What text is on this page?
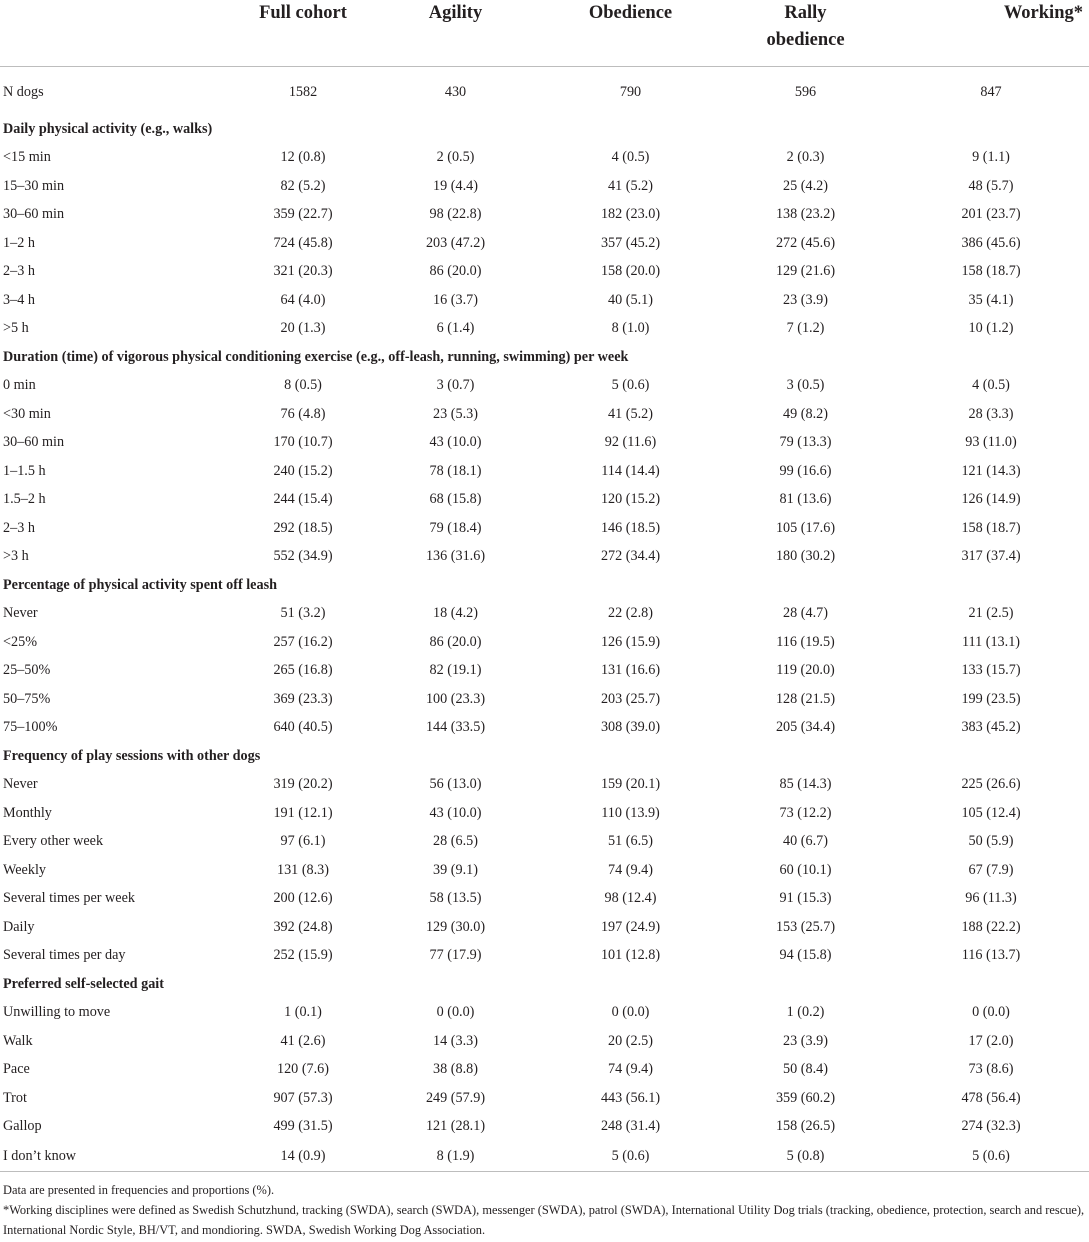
	Full cohort	Agility	Obedience	Rally obedience	Working*
N dogs	1582	430	790	596	847
Daily physical activity (e.g., walks)					
<15 min	12 (0.8)	2 (0.5)	4 (0.5)	2 (0.3)	9 (1.1)
15–30 min	82 (5.2)	19 (4.4)	41 (5.2)	25 (4.2)	48 (5.7)
30–60 min	359 (22.7)	98 (22.8)	182 (23.0)	138 (23.2)	201 (23.7)
1–2 h	724 (45.8)	203 (47.2)	357 (45.2)	272 (45.6)	386 (45.6)
2–3 h	321 (20.3)	86 (20.0)	158 (20.0)	129 (21.6)	158 (18.7)
3–4 h	64 (4.0)	16 (3.7)	40 (5.1)	23 (3.9)	35 (4.1)
>5 h	20 (1.3)	6 (1.4)	8 (1.0)	7 (1.2)	10 (1.2)
Duration (time) of vigorous physical conditioning exercise (e.g., off-leash, running, swimming) per week					
0 min	8 (0.5)	3 (0.7)	5 (0.6)	3 (0.5)	4 (0.5)
<30 min	76 (4.8)	23 (5.3)	41 (5.2)	49 (8.2)	28 (3.3)
30–60 min	170 (10.7)	43 (10.0)	92 (11.6)	79 (13.3)	93 (11.0)
1–1.5 h	240 (15.2)	78 (18.1)	114 (14.4)	99 (16.6)	121 (14.3)
1.5–2 h	244 (15.4)	68 (15.8)	120 (15.2)	81 (13.6)	126 (14.9)
2–3 h	292 (18.5)	79 (18.4)	146 (18.5)	105 (17.6)	158 (18.7)
>3 h	552 (34.9)	136 (31.6)	272 (34.4)	180 (30.2)	317 (37.4)
Percentage of physical activity spent off leash					
Never	51 (3.2)	18 (4.2)	22 (2.8)	28 (4.7)	21 (2.5)
<25%	257 (16.2)	86 (20.0)	126 (15.9)	116 (19.5)	111 (13.1)
25–50%	265 (16.8)	82 (19.1)	131 (16.6)	119 (20.0)	133 (15.7)
50–75%	369 (23.3)	100 (23.3)	203 (25.7)	128 (21.5)	199 (23.5)
75–100%	640 (40.5)	144 (33.5)	308 (39.0)	205 (34.4)	383 (45.2)
Frequency of play sessions with other dogs					
Never	319 (20.2)	56 (13.0)	159 (20.1)	85 (14.3)	225 (26.6)
Monthly	191 (12.1)	43 (10.0)	110 (13.9)	73 (12.2)	105 (12.4)
Every other week	97 (6.1)	28 (6.5)	51 (6.5)	40 (6.7)	50 (5.9)
Weekly	131 (8.3)	39 (9.1)	74 (9.4)	60 (10.1)	67 (7.9)
Several times per week	200 (12.6)	58 (13.5)	98 (12.4)	91 (15.3)	96 (11.3)
Daily	392 (24.8)	129 (30.0)	197 (24.9)	153 (25.7)	188 (22.2)
Several times per day	252 (15.9)	77 (17.9)	101 (12.8)	94 (15.8)	116 (13.7)
Preferred self-selected gait					
Unwilling to move	1 (0.1)	0 (0.0)	0 (0.0)	1 (0.2)	0 (0.0)
Walk	41 (2.6)	14 (3.3)	20 (2.5)	23 (3.9)	17 (2.0)
Pace	120 (7.6)	38 (8.8)	74 (9.4)	50 (8.4)	73 (8.6)
Trot	907 (57.3)	249 (57.9)	443 (56.1)	359 (60.2)	478 (56.4)
Gallop	499 (31.5)	121 (28.1)	248 (31.4)	158 (26.5)	274 (32.3)
I don’t know	14 (0.9)	8 (1.9)	5 (0.6)	5 (0.8)	5 (0.6)

Data are presented in frequencies and proportions (%).

*Working disciplines were defined as Swedish Schutzhund, tracking (SWDA), search (SWDA), messenger (SWDA), patrol (SWDA), International Utility Dog trials (tracking, obedience, protection, search and rescue), International Nordic Style, BH/VT, and mondioring. SWDA, Swedish Working Dog Association.
